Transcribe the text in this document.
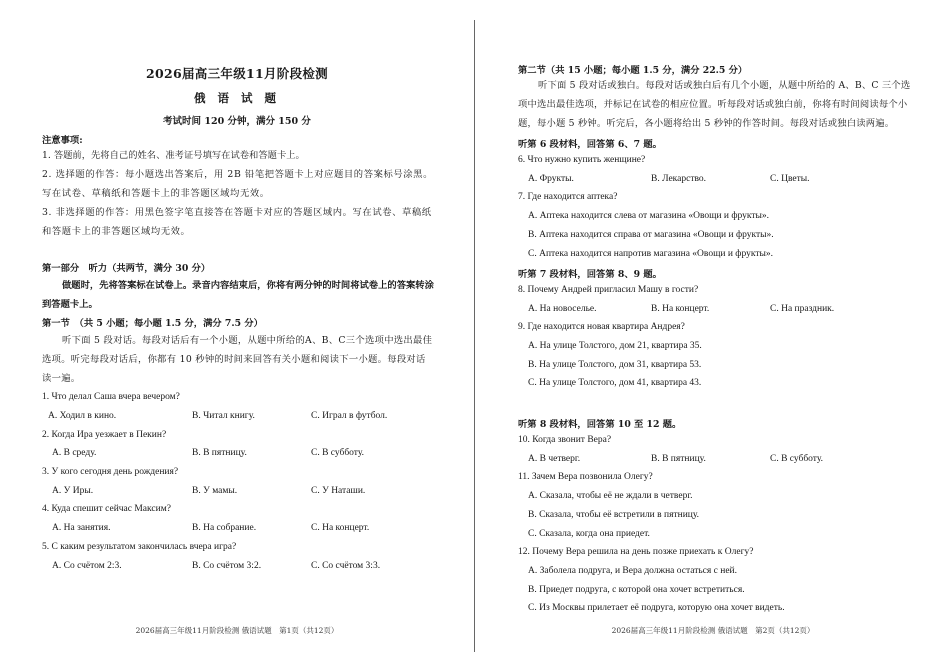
2026届高三年级11月阶段检测
俄 语 试 题
考试时间 120 分钟，满分 150 分
注意事项:

1. 答题前，先将自己的姓名、准考证号填写在试卷和答题卡上。

2. 选择题的作答：每小题选出答案后，用 2B 铅笔把答题卡上对应题目的答案标号涂黑。写在试卷、草稿纸和答题卡上的非答题区域均无效。

3. 非选择题的作答：用黑色签字笔直接答在答题卡对应的答题区域内。写在试卷、草稿纸和答题卡上的非答题区域均无效。

第一部分　听力（共两节，满分 30 分）

做题时，先将答案标在试卷上。录音内容结束后，你将有两分钟的时间将试卷上的答案转涂到答题卡上。

第一节　（共 5 小题；每小题 1.5 分，满分 7.5 分）

听下面 5 段对话。每段对话后有一个小题，从题中所给的A、B、C三个选项中选出最佳选项。听完每段对话后，你都有 10 秒钟的时间来回答有关小题和阅读下一小题。每段对话读一遍。

1. Что делал Саша вчера вечером?
A. Ходил в кино.	B. Читал книгу.	C. Играл в футбол.
2. Когда Ира уезжает в Пекин?
A. В среду.	B. В пятницу.	C. В субботу.
3. У кого сегодня день рождения?
A. У Иры.	B. У мамы.	C. У Наташи.
4. Куда спешит сейчас Максим?
A. На занятия.	B. На собрание.	C. На концерт.
5. С каким результатом закончилась вчера игра?
A. Со счётом 2:3.	B. Со счётом 3:2.	C. Со счётом 3:3.
2026届高三年级11月阶段检测 俄语试题　第1页（共12页）
第二节（共 15 小题；每小题 1.5 分，满分 22.5 分）

听下面 5 段对话或独白。每段对话或独白后有几个小题，从题中所给的 A、B、C 三个选项中选出最佳选项，并标记在试卷的相应位置。听每段对话或独白前，你将有时间阅读每个小题，每小题 5 秒钟。听完后，各小题将给出 5 秒钟的作答时间。每段对话或独白读两遍。

听第 6 段材料，回答第 6、7 题。
6. Что нужно купить женщине?
A. Фрукты.	B. Лекарство.	C. Цветы.
7. Где находится аптека?
A. Аптека находится слева от магазина «Овощи и фрукты».
B. Аптека находится справа от магазина «Овощи и фрукты».
C. Аптека находится напротив магазина «Овощи и фрукты».
听第 7 段材料，回答第 8、9 题。
8. Почему Андрей пригласил Машу в гости?
A. На новоселье.	B. На концерт.	C. На праздник.
9. Где находится новая квартира Андрея?
A. На улице Толстого, дом 21, квартира 35.
B. На улице Толстого, дом 31, квартира 53.
C. На улице Толстого, дом 41, квартира 43.
听第 8 段材料，回答第 10 至 12 题。
10. Когда звонит Вера?
A. В четверг.	B. В пятницу.	C. В субботу.
11. Зачем Вера позвонила Олегу?
A. Сказала, чтобы её не ждали в четверг.
B. Сказала, чтобы её встретили в пятницу.
C. Сказала, когда она приедет.
12. Почему Вера решила на день позже приехать к Олегу?
A. Заболела подруга, и Вера должна остаться с ней.
B. Приедет подруга, с которой она хочет встретиться.
C. Из Москвы прилетает её подруга, которую она хочет видеть.
2026届高三年级11月阶段检测 俄语试题　第2页（共12页）
